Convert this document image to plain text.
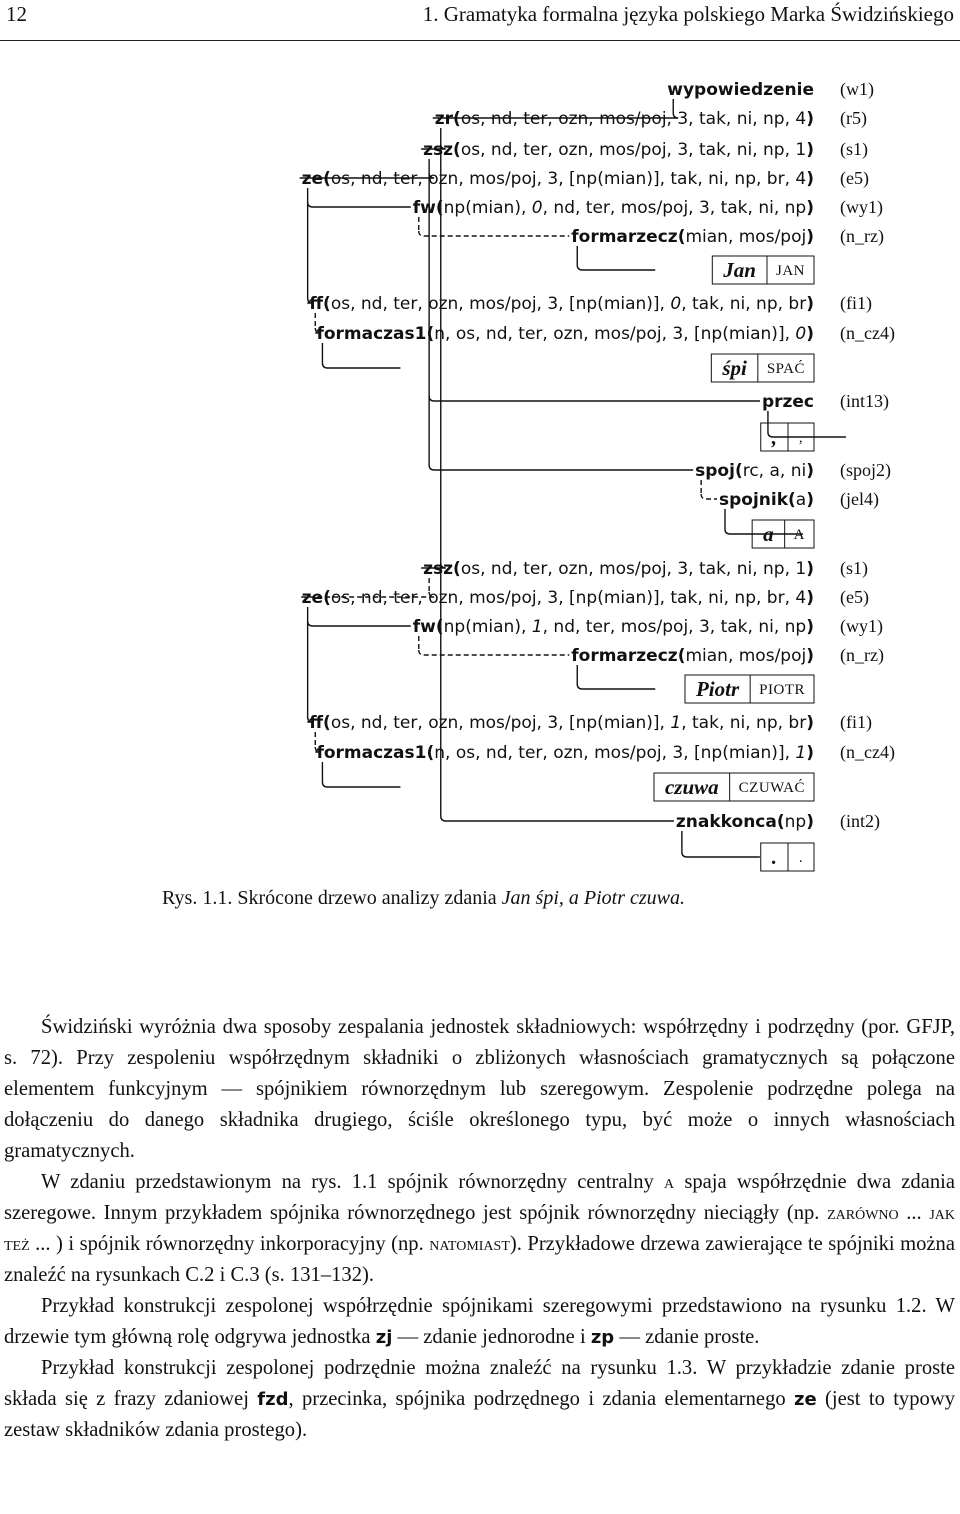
12	1. Gramatyka formalna języka polskiego Marka Świdzińskiego
wypowiedzenie (w1)
zr(os, nd, ter, ozn, mos/poj, 3, tak, ni, np, 4) (r5)
zsz(os, nd, ter, ozn, mos/poj, 3, tak, ni, np, 1) (s1)
ze(os, nd, ter, ozn, mos/poj, 3, [np(mian)], tak, ni, np, br, 4) (e5)
fw(np(mian), 0, nd, ter, mos/poj, 3, tak, ni, np) (wy1)
formarzecz(mian, mos/poj) (n_rz)
ff(os, nd, ter, ozn, mos/poj, 3, [np(mian)], 0, tak, ni, np, br) (fi1)
formaczas1(n, os, nd, ter, ozn, mos/poj, 3, [np(mian)], 0) (n_cz4)
przec (int13)
spoj(rc, a, ni) (spoj2)
spojnik(a) (jel4)
zsz(os, nd, ter, ozn, mos/poj, 3, tak, ni, np, 1) (s1)
ze(os, nd, ter, ozn, mos/poj, 3, [np(mian)], tak, ni, np, br, 4) (e5)
fw(np(mian), 1, nd, ter, mos/poj, 3, tak, ni, np) (wy1)
formarzecz(mian, mos/poj) (n_rz)
ff(os, nd, ter, ozn, mos/poj, 3, [np(mian)], 1, tak, ni, np, br) (fi1)
formaczas1(n, os, nd, ter, ozn, mos/poj, 3, [np(mian)], 1) (n_cz4)
znakkonca(np) (int2)
Jan JAN
śpi SPAĆ
, ,
a A
Piotr PIOTR
czuwa CZUWAĆ
. .
Rys. 1.1. Skrócone drzewo analizy zdania Jan śpi, a Piotr czuwa.

Świdziński wyróżnia dwa sposoby zespalania jednostek składniowych: współrzędny i podrzędny (por. GFJP, s. 72). Przy zespoleniu współrzędnym składniki o zbliżonych własnościach gramatycznych są połączone elementem funkcyjnym — spójnikiem równorzędnym lub szeregowym. Zespolenie podrzędne polega na dołączeniu do danego składnika drugiego, ściśle określonego typu, być może o innych własnościach gramatycznych.

W zdaniu przedstawionym na rys. 1.1 spójnik równorzędny centralny a spaja współrzędnie dwa zdania szeregowe. Innym przykładem spójnika równorzędnego jest spójnik równorzędny nieciągły (np. zarówno ... jak też ... ) i spójnik równorzędny inkorporacyjny (np. natomiast). Przykładowe drzewa zawierające te spójniki można znaleźć na rysunkach C.2 i C.3 (s. 131–132).

Przykład konstrukcji zespolonej współrzędnie spójnikami szeregowymi przedstawiono na rysunku 1.2. W drzewie tym główną rolę odgrywa jednostka zj — zdanie jednorodne i zp — zdanie proste.

Przykład konstrukcji zespolonej podrzędnie można znaleźć na rysunku 1.3. W przykładzie zdanie proste składa się z frazy zdaniowej fzd, przecinka, spójnika podrzędnego i zdania elementarnego ze (jest to typowy zestaw składników zdania prostego).
